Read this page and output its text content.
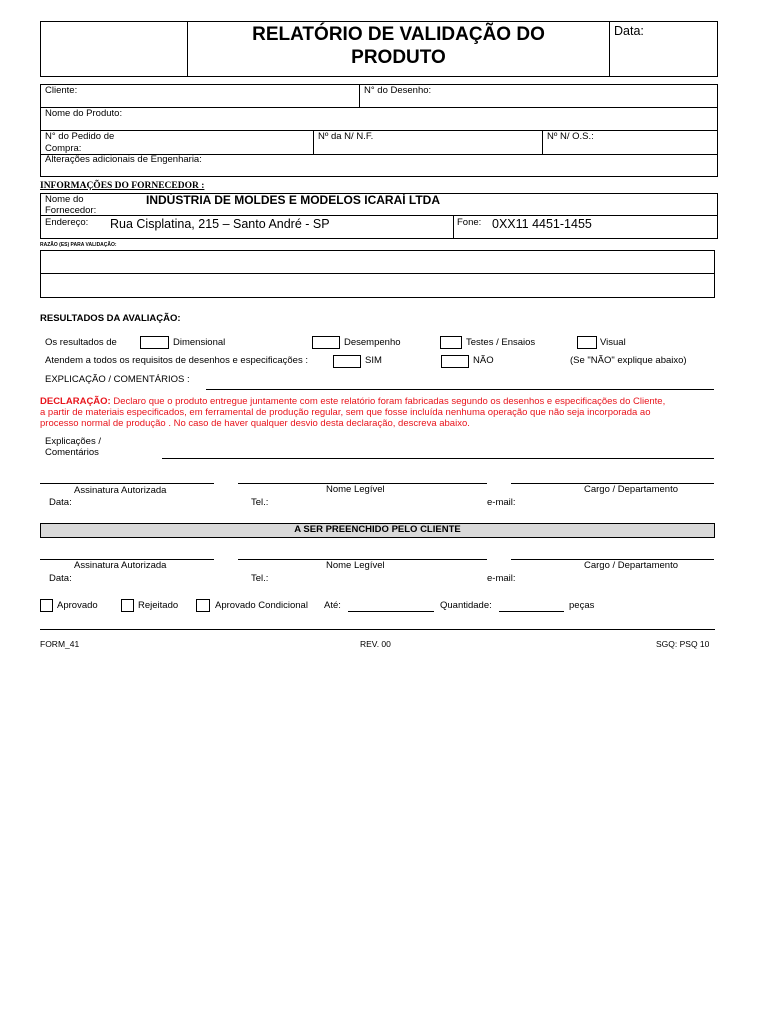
RELATÓRIO DE VALIDAÇÃO DO
PRODUTO
Data:
Cliente:	N° do Desenho:
Nome do Produto:
N° do Pedido de
Compra:
Nº da N/ N.F.	Nº N/ O.S.:
Alterações adicionais de Engenharia:
INFORMAÇÕES DO FORNECEDOR :
Nome do
Fornecedor:
INDÚSTRIA DE MOLDES E MODELOS ICARAÍ LTDA
Endereço: Rua Cisplatina, 215 – Santo André - SP	Fone: 0XX11 4451-1455
RAZÃO (ES) PARA VALIDAÇÃO:
RESULTADOS DA AVALIAÇÃO:
Os resultados de	Dimensional	Desempenho	Testes / Ensaios	Visual
Atendem a todos os requisitos de desenhos e especificações :	SIM	NÃO	(Se "NÃO" explique abaixo)
EXPLICAÇÃO / COMENTÁRIOS :
DECLARAÇÃO: Declaro que o produto entregue juntamente com este relatório foram fabricadas segundo os desenhos e especificações do Cliente,
a partir de materiais especificados, em ferramental de produção regular, sem que fosse incluída nenhuma operação que não seja incorporada ao
processo normal de produção . No caso de haver qualquer desvio desta declaração, descreva abaixo.
Explicações /
Comentários
Assinatura Autorizada	Nome Legível	Cargo / Departamento
Data:	Tel.:	e-mail:
A SER PREENCHIDO PELO CLIENTE
Assinatura Autorizada	Nome Legível	Cargo / Departamento
Data:	Tel.:	e-mail:
Aprovado	Rejeitado	Aprovado Condicional Até:	Quantidade:	peças
FORM_41	REV. 00	SGQ: PSQ 10
